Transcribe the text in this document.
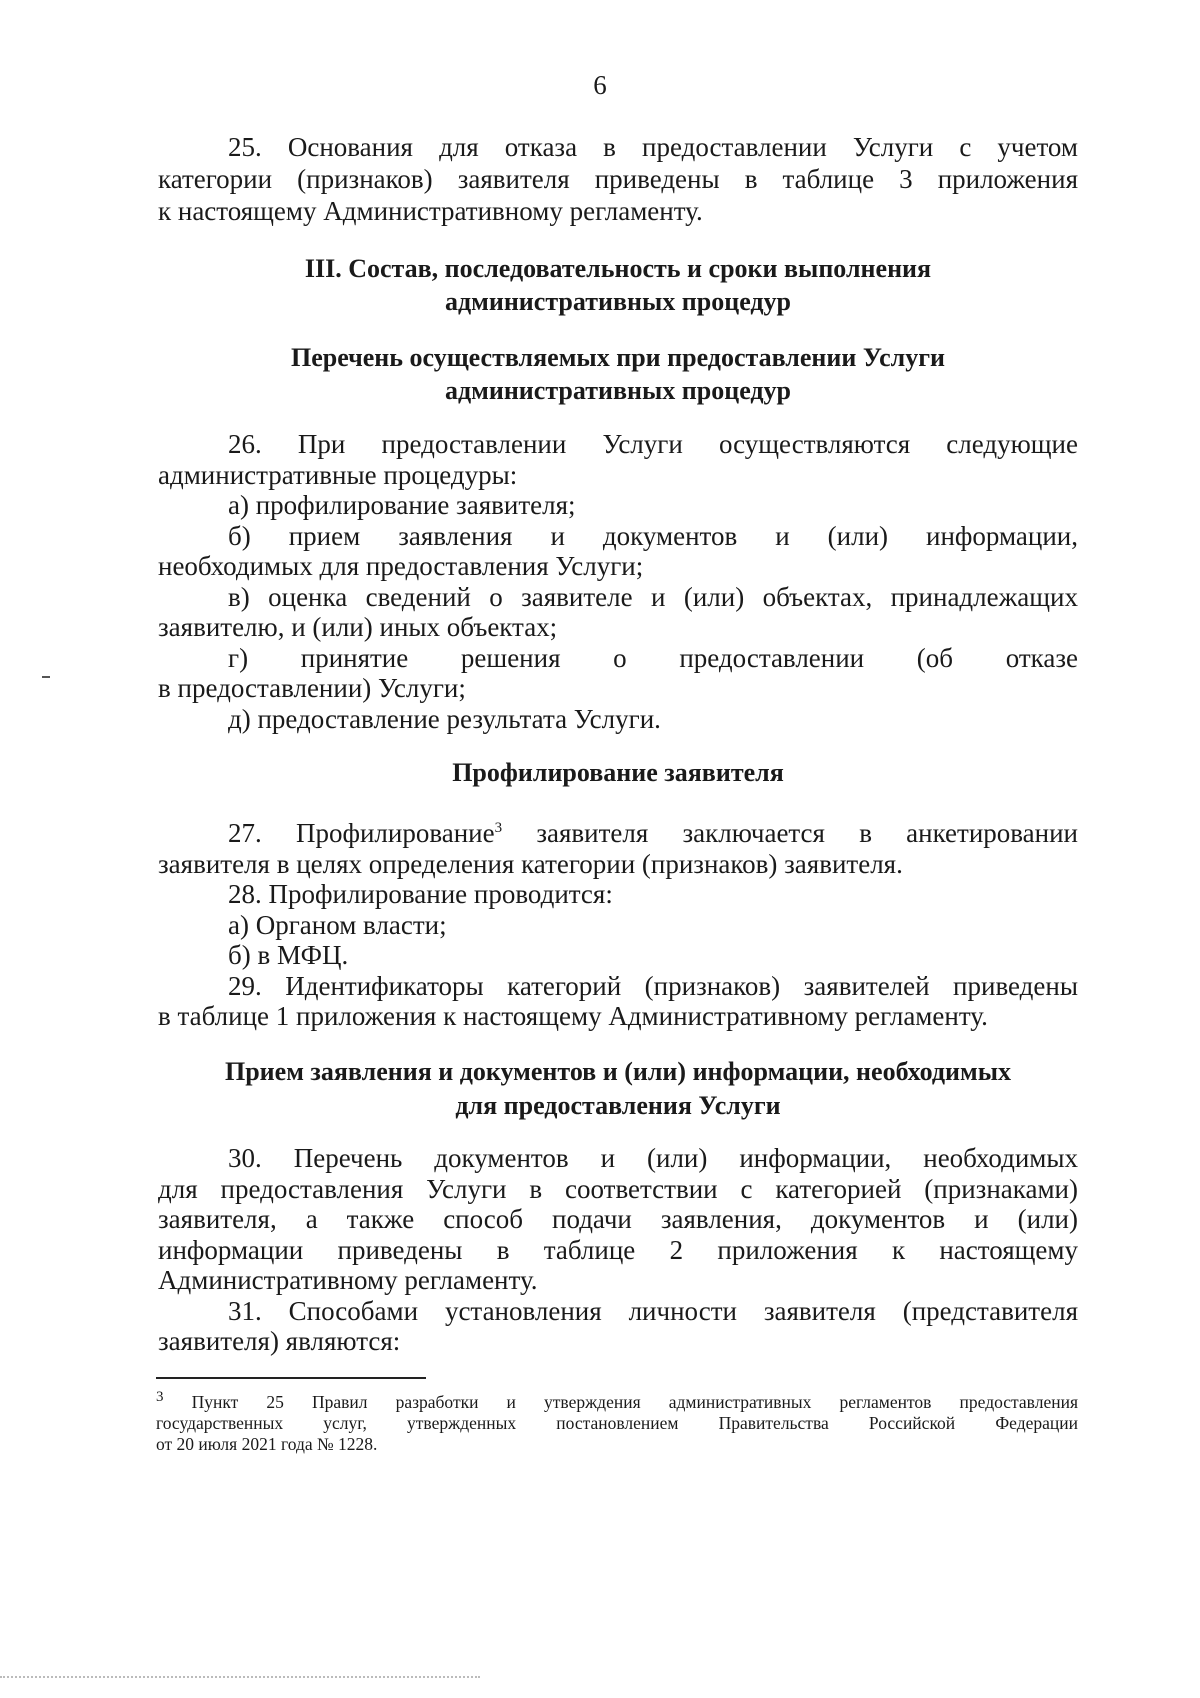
6
25. Основания для отказа в предоставлении Услуги с учетом
категории (признаков) заявителя приведены в таблице 3 приложения
к настоящему Административному регламенту.
III. Состав, последовательность и сроки выполнения
административных процедур
Перечень осуществляемых при предоставлении Услуги
административных процедур
26. При предоставлении Услуги осуществляются следующие
административные процедуры:
а) профилирование заявителя;
б) прием заявления и документов и (или) информации,
необходимых для предоставления Услуги;
в) оценка сведений о заявителе и (или) объектах, принадлежащих
заявителю, и (или) иных объектах;
г) принятие решения о предоставлении (об отказе
в предоставлении) Услуги;
д) предоставление результата Услуги.
Профилирование заявителя
27. Профилирование$^3$ заявителя заключается в анкетировании
заявителя в целях определения категории (признаков) заявителя.
28. Профилирование проводится:
а) Органом власти;
б) в МФЦ.
29. Идентификаторы категорий (признаков) заявителей приведены
в таблице 1 приложения к настоящему Административному регламенту.
Прием заявления и документов и (или) информации, необходимых
для предоставления Услуги
30. Перечень документов и (или) информации, необходимых
для предоставления Услуги в соответствии с категорией (признаками)
заявителя, а также способ подачи заявления, документов и (или)
информации приведены в таблице 2 приложения к настоящему
Административному регламенту.
31. Способами установления личности заявителя (представителя
заявителя) являются:
$^3$ Пункт 25 Правил разработки и утверждения административных регламентов предоставления
государственных услуг, утвержденных постановлением Правительства Российской Федерации
от 20 июля 2021 года № 1228.
